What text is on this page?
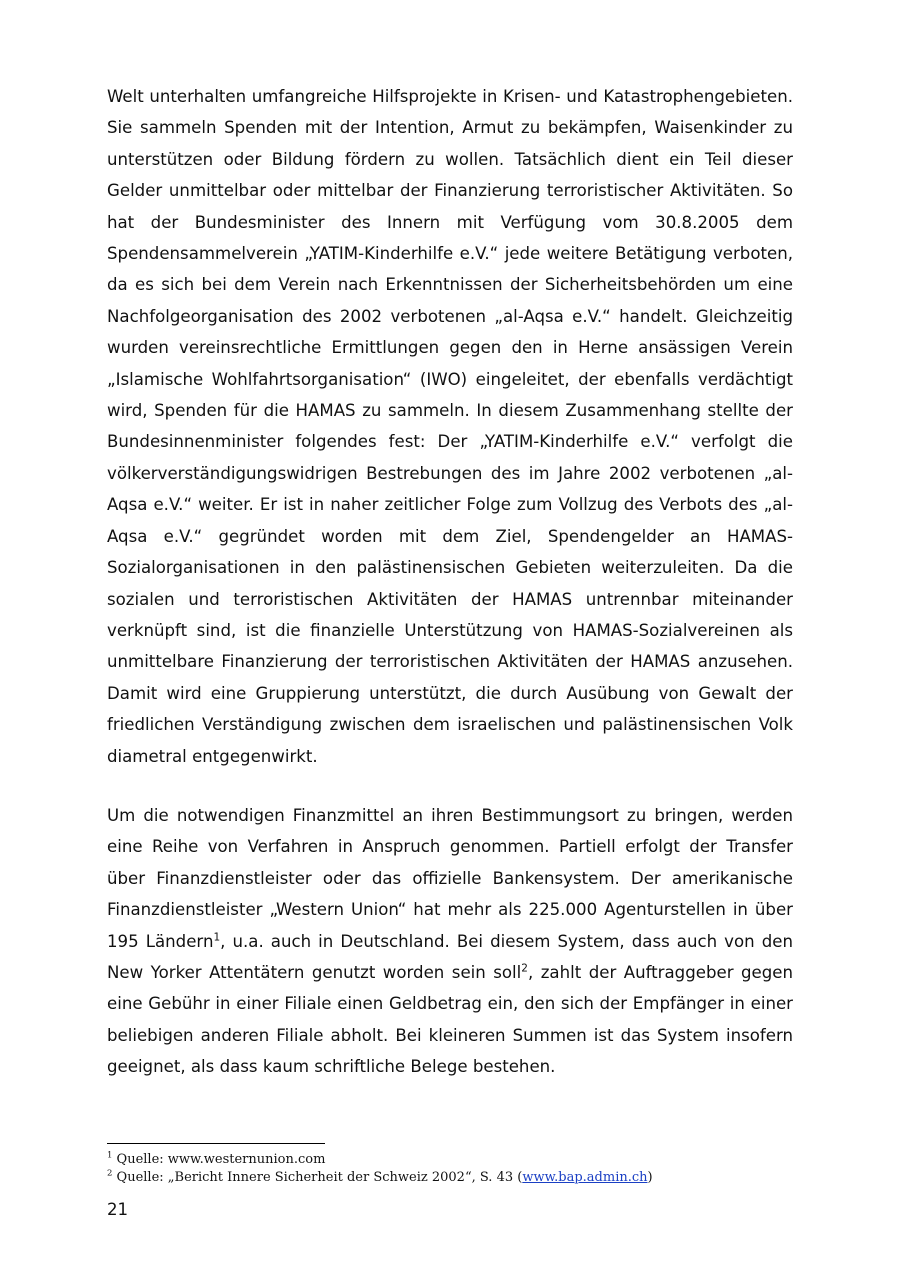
Welt unterhalten umfangreiche Hilfsprojekte in Krisen- und Katastrophengebieten. Sie sammeln Spenden mit der Intention, Armut zu bekämpfen, Waisenkinder zu unterstützen oder Bildung fördern zu wollen. Tatsächlich dient ein Teil dieser Gelder unmittelbar oder mittelbar der Finanzierung terroristischer Aktivitäten. So hat der Bundesminister des Innern mit Verfügung vom 30.8.2005 dem Spendensammelverein „YATIM-Kinderhilfe e.V.“ jede weitere Betätigung verboten, da es sich bei dem Verein nach Erkenntnissen der Sicherheitsbehörden um eine Nachfolgeorganisation des 2002 verbotenen „al-Aqsa e.V.“ handelt. Gleichzeitig wurden vereinsrechtliche Ermittlungen gegen den in Herne ansässigen Verein „Islamische Wohlfahrtsorganisation“ (IWO) eingeleitet, der ebenfalls verdächtigt wird, Spenden für die HAMAS zu sammeln. In diesem Zusammenhang stellte der Bundesinnenminister folgendes fest: Der „YATIM-Kinderhilfe e.V.“ verfolgt die völkerverständigungswidrigen Bestrebungen des im Jahre 2002 verbotenen „al-Aqsa e.V.“ weiter. Er ist in naher zeitlicher Folge zum Vollzug des Verbots des „al-Aqsa e.V.“ gegründet worden mit dem Ziel, Spendengelder an HAMAS-Sozialorganisationen in den palästinensischen Gebieten weiterzuleiten. Da die sozialen und terroristischen Aktivitäten der HAMAS untrennbar miteinander verknüpft sind, ist die finanzielle Unterstützung von HAMAS-Sozialvereinen als unmittelbare Finanzierung der terroristischen Aktivitäten der HAMAS anzusehen. Damit wird eine Gruppierung unterstützt, die durch Ausübung von Gewalt der friedlichen Verständigung zwischen dem israelischen und palästinensischen Volk diametral entgegenwirkt.

Um die notwendigen Finanzmittel an ihren Bestimmungsort zu bringen, werden eine Reihe von Verfahren in Anspruch genommen. Partiell erfolgt der Transfer über Finanzdienstleister oder das offizielle Bankensystem. Der amerikanische Finanzdienstleister „Western Union“ hat mehr als 225.000 Agenturstellen in über 195 Ländern$^1$, u.a. auch in Deutschland. Bei diesem System, dass auch von den New Yorker Attentätern genutzt worden sein soll$^2$, zahlt der Auftraggeber gegen eine Gebühr in einer Filiale einen Geldbetrag ein, den sich der Empfänger in einer beliebigen anderen Filiale abholt. Bei kleineren Summen ist das System insofern geeignet, als dass kaum schriftliche Belege bestehen.

$^1$ Quelle: www.westernunion.com
$^2$ Quelle: „Bericht Innere Sicherheit der Schweiz 2002“, S. 43 (www.bap.admin.ch)
21
